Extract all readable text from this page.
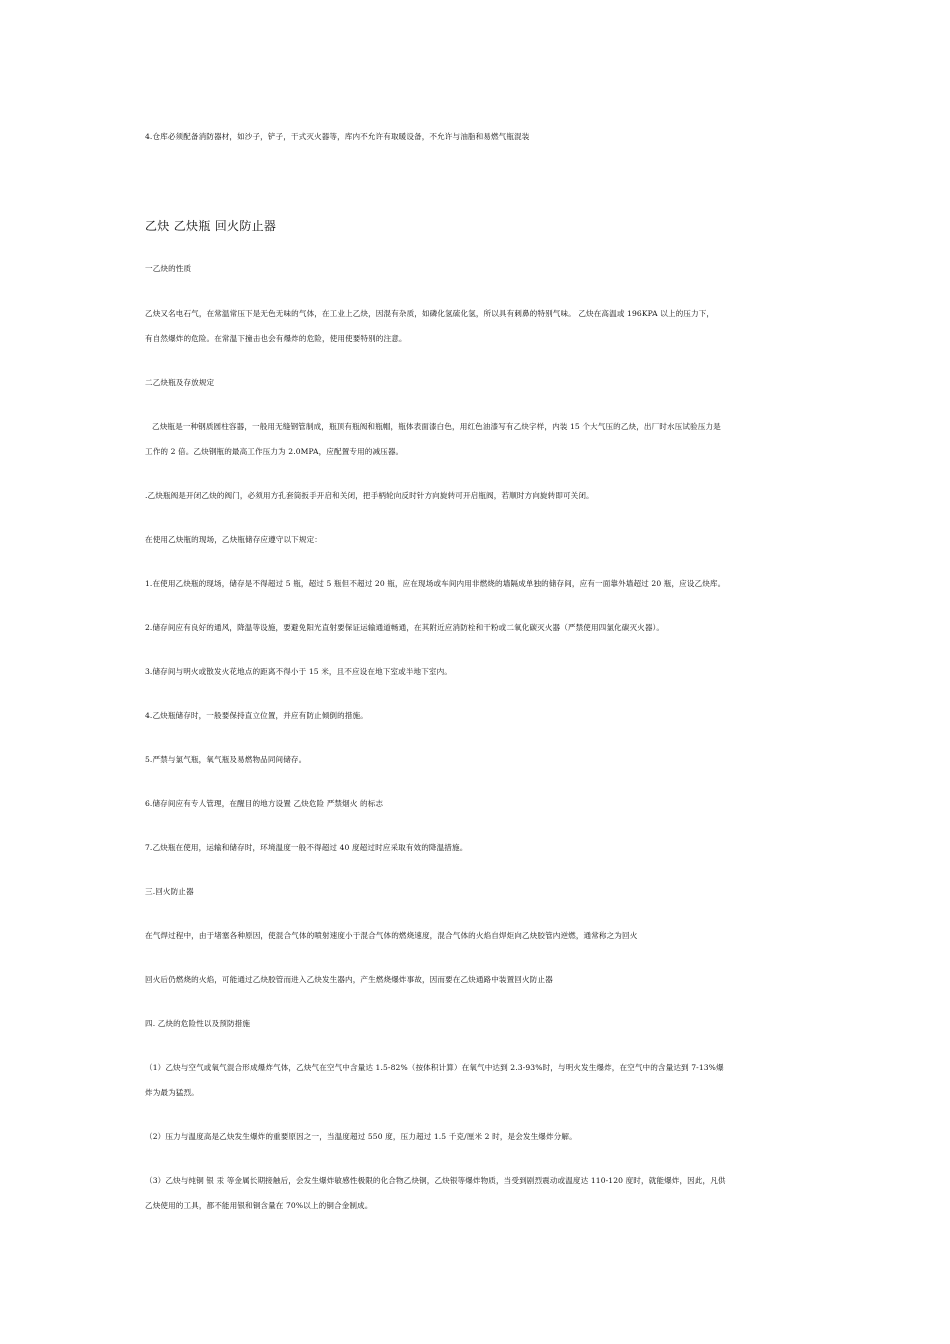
4.仓库必须配备消防器材，如沙子，铲子，干式灭火器等，库内不允许有取暖设备，不允许与油脂和易燃气瓶混装
乙炔 乙炔瓶 回火防止器
一乙炔的性质
乙炔又名电石气，在常温常压下是无色无味的气体，在工业上乙炔，因混有杂质，如磷化氢硫化氢，所以具有刺鼻的特别气味。 乙炔在高温或 196KPA 以上的压力下，
有自然爆炸的危险。在常温下撞击也会有爆炸的危险，使用使要特别的注意。
二乙炔瓶及存放规定
乙炔瓶是一种钢质圆柱容器，一般用无缝钢管制成，瓶顶有瓶阀和瓶帽，瓶体表面漆白色，用红色油漆写有乙炔字样，内装 15 个大气压的乙炔，出厂时水压试验压力是
工作的 2 倍。乙炔钢瓶的最高工作压力为 2.0MPA，应配置专用的减压器。
.乙炔瓶阀是开闭乙炔的阀门，必须用方孔套筒扳手开启和关闭，把手柄轮向反时针方向旋转可开启瓶阀，若顺时方向旋转即可关闭。
在使用乙炔瓶的现场，乙炔瓶储存应遵守以下规定：
1.在使用乙炔瓶的现场，储存是不得超过 5 瓶，超过 5 瓶但不超过 20 瓶，应在现场或车间内用非燃烧的墙隔成单独的储存间，应有一面靠外墙超过 20 瓶，应设乙炔库。
2.储存间应有良好的通风，降温等设施，要避免阳光直射要保证运输通道畅通，在其附近应消防栓和干粉或二氧化碳灭火器（严禁使用四氯化碳灭火器）。
3.储存间与明火或散发火花地点的距离不得小于 15 米，且不应设在地下室或半地下室内。
4.乙炔瓶储存时，一般要保持直立位置，并应有防止倾倒的措施。
5.严禁与氯气瓶，氧气瓶及易燃物品同间储存。
6.储存间应有专人管理，在醒目的地方设置 乙炔危险 严禁烟火 的标志
7.乙炔瓶在使用，运输和储存时，环境温度一般不得超过 40 度超过时应采取有效的降温措施。
三.回火防止器
在气焊过程中，由于堵塞各种原因，使混合气体的喷射速度小于混合气体的燃烧速度，混合气体的火焰自焊炬向乙炔胶管内逆燃，通常称之为回火
回火后仍燃烧的火焰，可能通过乙炔胶管而进入乙炔发生器内，产生燃烧爆炸事故，因而要在乙炔通路中装置回火防止器
四. 乙炔的危险性以及预防措施
（1）乙炔与空气或氧气混合形成爆炸气体，乙炔气在空气中含量达 1.5-82%（按体积计算）在氧气中达到 2.3-93%时，与明火发生爆炸，在空气中的含量达到 7-13%爆
炸为最为猛烈。
（2）压力与温度高是乙炔发生爆炸的重要原因之一，当温度超过 550 度，压力超过 1.5 千克/厘米 2 时，是会发生爆炸分解。
（3）乙炔与纯铜 银 汞 等金属长期接触后，会发生爆炸敏感性极限的化合物乙炔铜，乙炔银等爆炸物质，当受到剧烈震动或温度达 110-120 度时，就能爆炸，因此，凡供
乙炔使用的工具，都不能用银和铜含量在 70%以上的铜合金制成。
